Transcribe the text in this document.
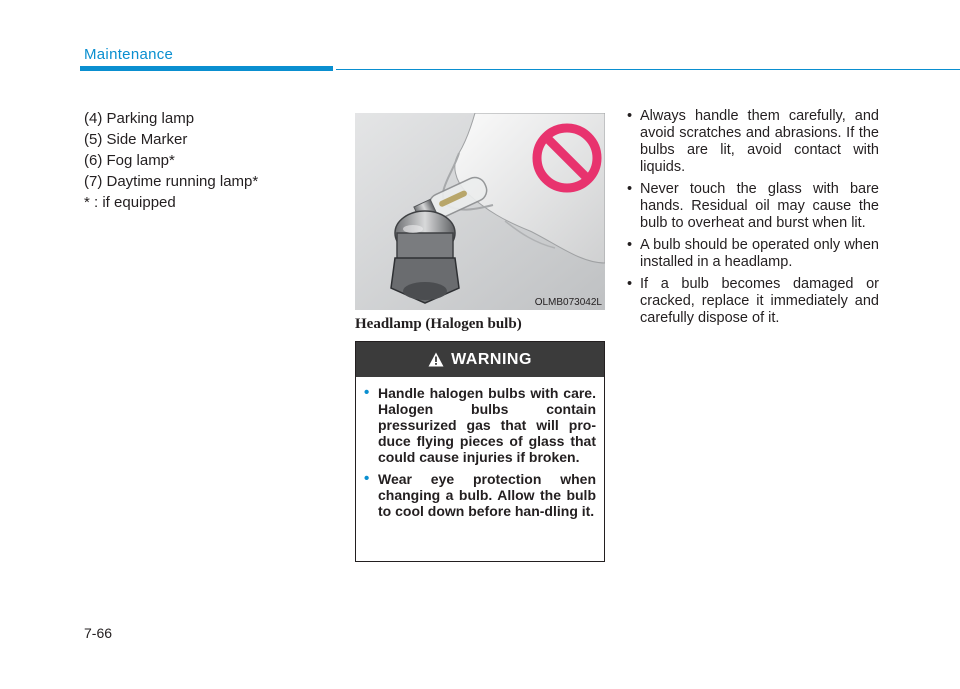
Maintenance
(4) Parking lamp
(5) Side Marker
(6) Fog lamp*
(7) Daytime running lamp*
* : if equipped
OLMB073042L
Headlamp (Halogen bulb)
WARNING
• Handle halogen bulbs with care. Halogen bulbs contain pressurized gas that will pro-duce flying pieces of glass that could cause injuries if broken.
• Wear eye protection when changing a bulb. Allow the bulb to cool down before han-dling it.
• Always handle them carefully, and avoid scratches and abrasions. If the bulbs are lit, avoid contact with liquids.
• Never touch the glass with bare hands. Residual oil may cause the bulb to overheat and burst when lit.
• A bulb should be operated only when installed in a headlamp.
• If a bulb becomes damaged or cracked, replace it immediately and carefully dispose of it.
7-66
